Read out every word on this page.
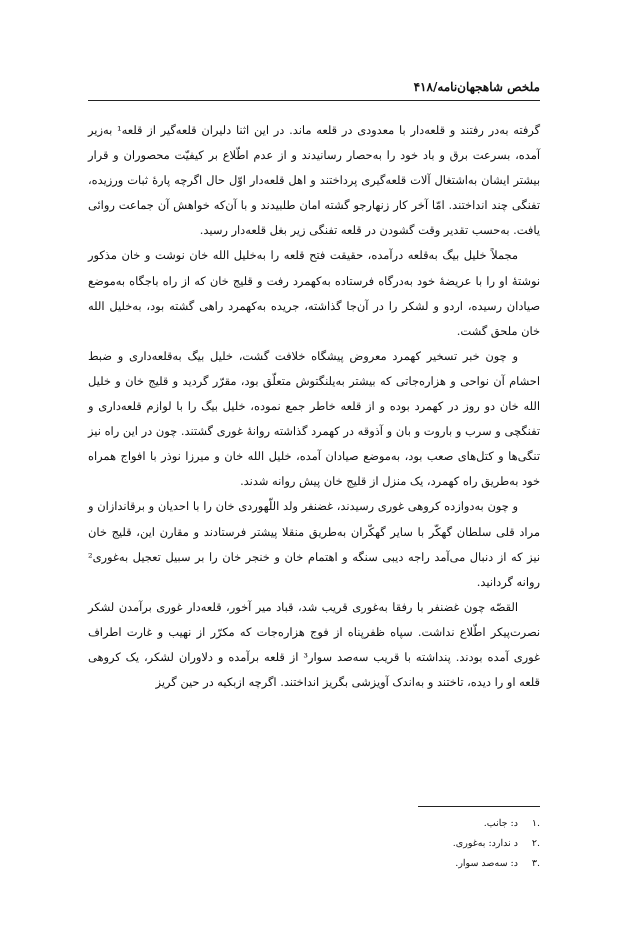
ملخص شاهجهان‌نامه/۴۱۸

گرفته به‌در رفتند و قلعه‌دار با معدودی در قلعه ماند. در این اثنا دلیران قلعه‌گیر از قلعه¹ به‌زیر آمده، بسرعت برق و باد خود را به‌حصار رسانیدند و از عدم اطّلاع بر کیفیّت محصوران و قرار بیشتر ایشان به‌اشتغال آلات قلعه‌گیری پرداختند و اهل قلعه‌دار اوّل حال اگرچه پارهٔ ثبات ورزیده، تفنگی چند انداختند. امّا آخر کار زنهارجو گشته امان طلبیدند و با آن‌که خواهش آن جماعت روائی یافت. به‌حسب تقدیر وقت گشودن در قلعه تفنگی زیر بغل قلعه‌دار رسید.

مجملاً خلیل بیگ به‌قلعه درآمده، حقیقت فتح قلعه را به‌خلیل الله خان نوشت و خان مذکور نوشتهٔ او را با عریضهٔ خود به‌درگاه فرستاده به‌کهمرد رفت و قلیج خان که از راه باجگاه به‌موضع صیادان رسیده، اردو و لشکر را در آن‌جا گذاشته، جریده به‌کهمرد راهی گشته بود، به‌خلیل الله خان ملحق گشت.

و چون خبر تسخیر کهمرد معروض پیشگاه خلافت گشت، خلیل بیگ به‌قلعه‌داری و ضبط احشام آن نواحی و هزاره‌جاتی که بیشتر به‌یلنگتوش متعلّق بود، مقرّر گردید و قلیج خان و خلیل الله خان دو روز در کهمرد بوده و از قلعه خاطر جمع نموده، خلیل بیگ را با لوازم قلعه‌داری و تفنگچی و سرب و باروت و بان و آذوقه در کهمرد گذاشته روانهٔ غوری گشتند. چون در این راه نیز تنگی‌ها و کتل‌های صعب بود، به‌موضع صیادان آمده، خلیل الله خان و میرزا نوذر با افواج همراه خود به‌طریق راه کهمرد، یک منزل از قلیج خان پیش روانه شدند.

و چون به‌دوازده کروهی غوری رسیدند، غضنفر ولد اللّهوردی خان را با احدیان و برقاندازان و مراد قلی سلطان گهکّر با سایر گهکّران به‌طریق منقلا پیشتر فرستادند و مقارن این، قلیج خان نیز که از دنبال می‌آمد راجه دیبی سنگه و اهتمام خان و خنجر خان را بر سبیل تعجیل به‌غوری² روانه گردانید.

القصّه چون غضنفر با رفقا به‌غوری قریب شد، قباد میر آخور، قلعه‌دار غوری برآمدن لشکر نصرت‌پیکر اطّلاع نداشت. سپاه ظفرپناه از فوج هزاره‌جات که مکرّر از نهیب و غارت اطراف غوری آمده بودند. پنداشته با قریب سه‌صد سوار³ از قلعه برآمده و دلاوران لشکر، یک کروهی قلعه او را دیده، تاختند و به‌اندک آویزشی بگریز انداختند. اگرچه ازبکیه در حین گریز

.۱
د: جانب.
.۲
د ندارد: به‌غوری.
.۳
د: سه‌صد سوار.
